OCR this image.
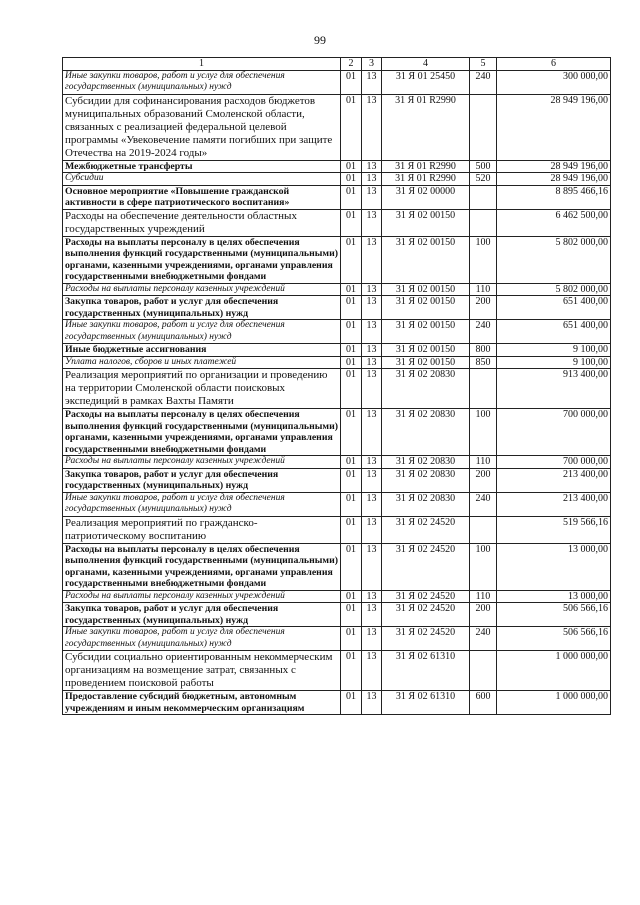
99
1	2	3	4	5	6
Иные закупки товаров, работ и услуг для обеспечения государственных (муниципальных) нужд	01	13	31 Я 01 25450	240	300 000,00
Субсидии для софинансирования расходов бюджетов муниципальных образований Смоленской области, связанных с реализацией федеральной целевой программы «Увековечение памяти погибших при защите Отечества на 2019-2024 годы»	01	13	31 Я 01 R2990		28 949 196,00
Межбюджетные трансферты	01	13	31 Я 01 R2990	500	28 949 196,00
Субсидии	01	13	31 Я 01 R2990	520	28 949 196,00
Основное мероприятие «Повышение гражданской активности в сфере патриотического воспитания»	01	13	31 Я 02 00000		8 895 466,16
Расходы на обеспечение деятельности областных государственных учреждений	01	13	31 Я 02 00150		6 462 500,00
Расходы на выплаты персоналу в целях обеспечения выполнения функций государственными (муниципальными) органами, казенными учреждениями, органами управления государственными внебюджетными фондами	01	13	31 Я 02 00150	100	5 802 000,00
Расходы на выплаты персоналу казенных учреждений	01	13	31 Я 02 00150	110	5 802 000,00
Закупка товаров, работ и услуг для обеспечения государственных (муниципальных) нужд	01	13	31 Я 02 00150	200	651 400,00
Иные закупки товаров, работ и услуг для обеспечения государственных (муниципальных) нужд	01	13	31 Я 02 00150	240	651 400,00
Иные бюджетные ассигнования	01	13	31 Я 02 00150	800	9 100,00
Уплата налогов, сборов и иных платежей	01	13	31 Я 02 00150	850	9 100,00
Реализация мероприятий по организации и проведению на территории Смоленской области поисковых экспедиций в рамках Вахты Памяти	01	13	31 Я 02 20830		913 400,00
Расходы на выплаты персоналу в целях обеспечения выполнения функций государственными (муниципальными) органами, казенными учреждениями, органами управления государственными внебюджетными фондами	01	13	31 Я 02 20830	100	700 000,00
Расходы на выплаты персоналу казенных учреждений	01	13	31 Я 02 20830	110	700 000,00
Закупка товаров, работ и услуг для обеспечения государственных (муниципальных) нужд	01	13	31 Я 02 20830	200	213 400,00
Иные закупки товаров, работ и услуг для обеспечения государственных (муниципальных) нужд	01	13	31 Я 02 20830	240	213 400,00
Реализация мероприятий по гражданско-патриотическому воспитанию	01	13	31 Я 02 24520		519 566,16
Расходы на выплаты персоналу в целях обеспечения выполнения функций государственными (муниципальными) органами, казенными учреждениями, органами управления государственными внебюджетными фондами	01	13	31 Я 02 24520	100	13 000,00
Расходы на выплаты персоналу казенных учреждений	01	13	31 Я 02 24520	110	13 000,00
Закупка товаров, работ и услуг для обеспечения государственных (муниципальных) нужд	01	13	31 Я 02 24520	200	506 566,16
Иные закупки товаров, работ и услуг для обеспечения государственных (муниципальных) нужд	01	13	31 Я 02 24520	240	506 566,16
Субсидии социально ориентированным некоммерческим организациям на возмещение затрат, связанных с проведением поисковой работы	01	13	31 Я 02 61310		1 000 000,00
Предоставление субсидий бюджетным, автономным учреждениям и иным некоммерческим организациям	01	13	31 Я 02 61310	600	1 000 000,00
